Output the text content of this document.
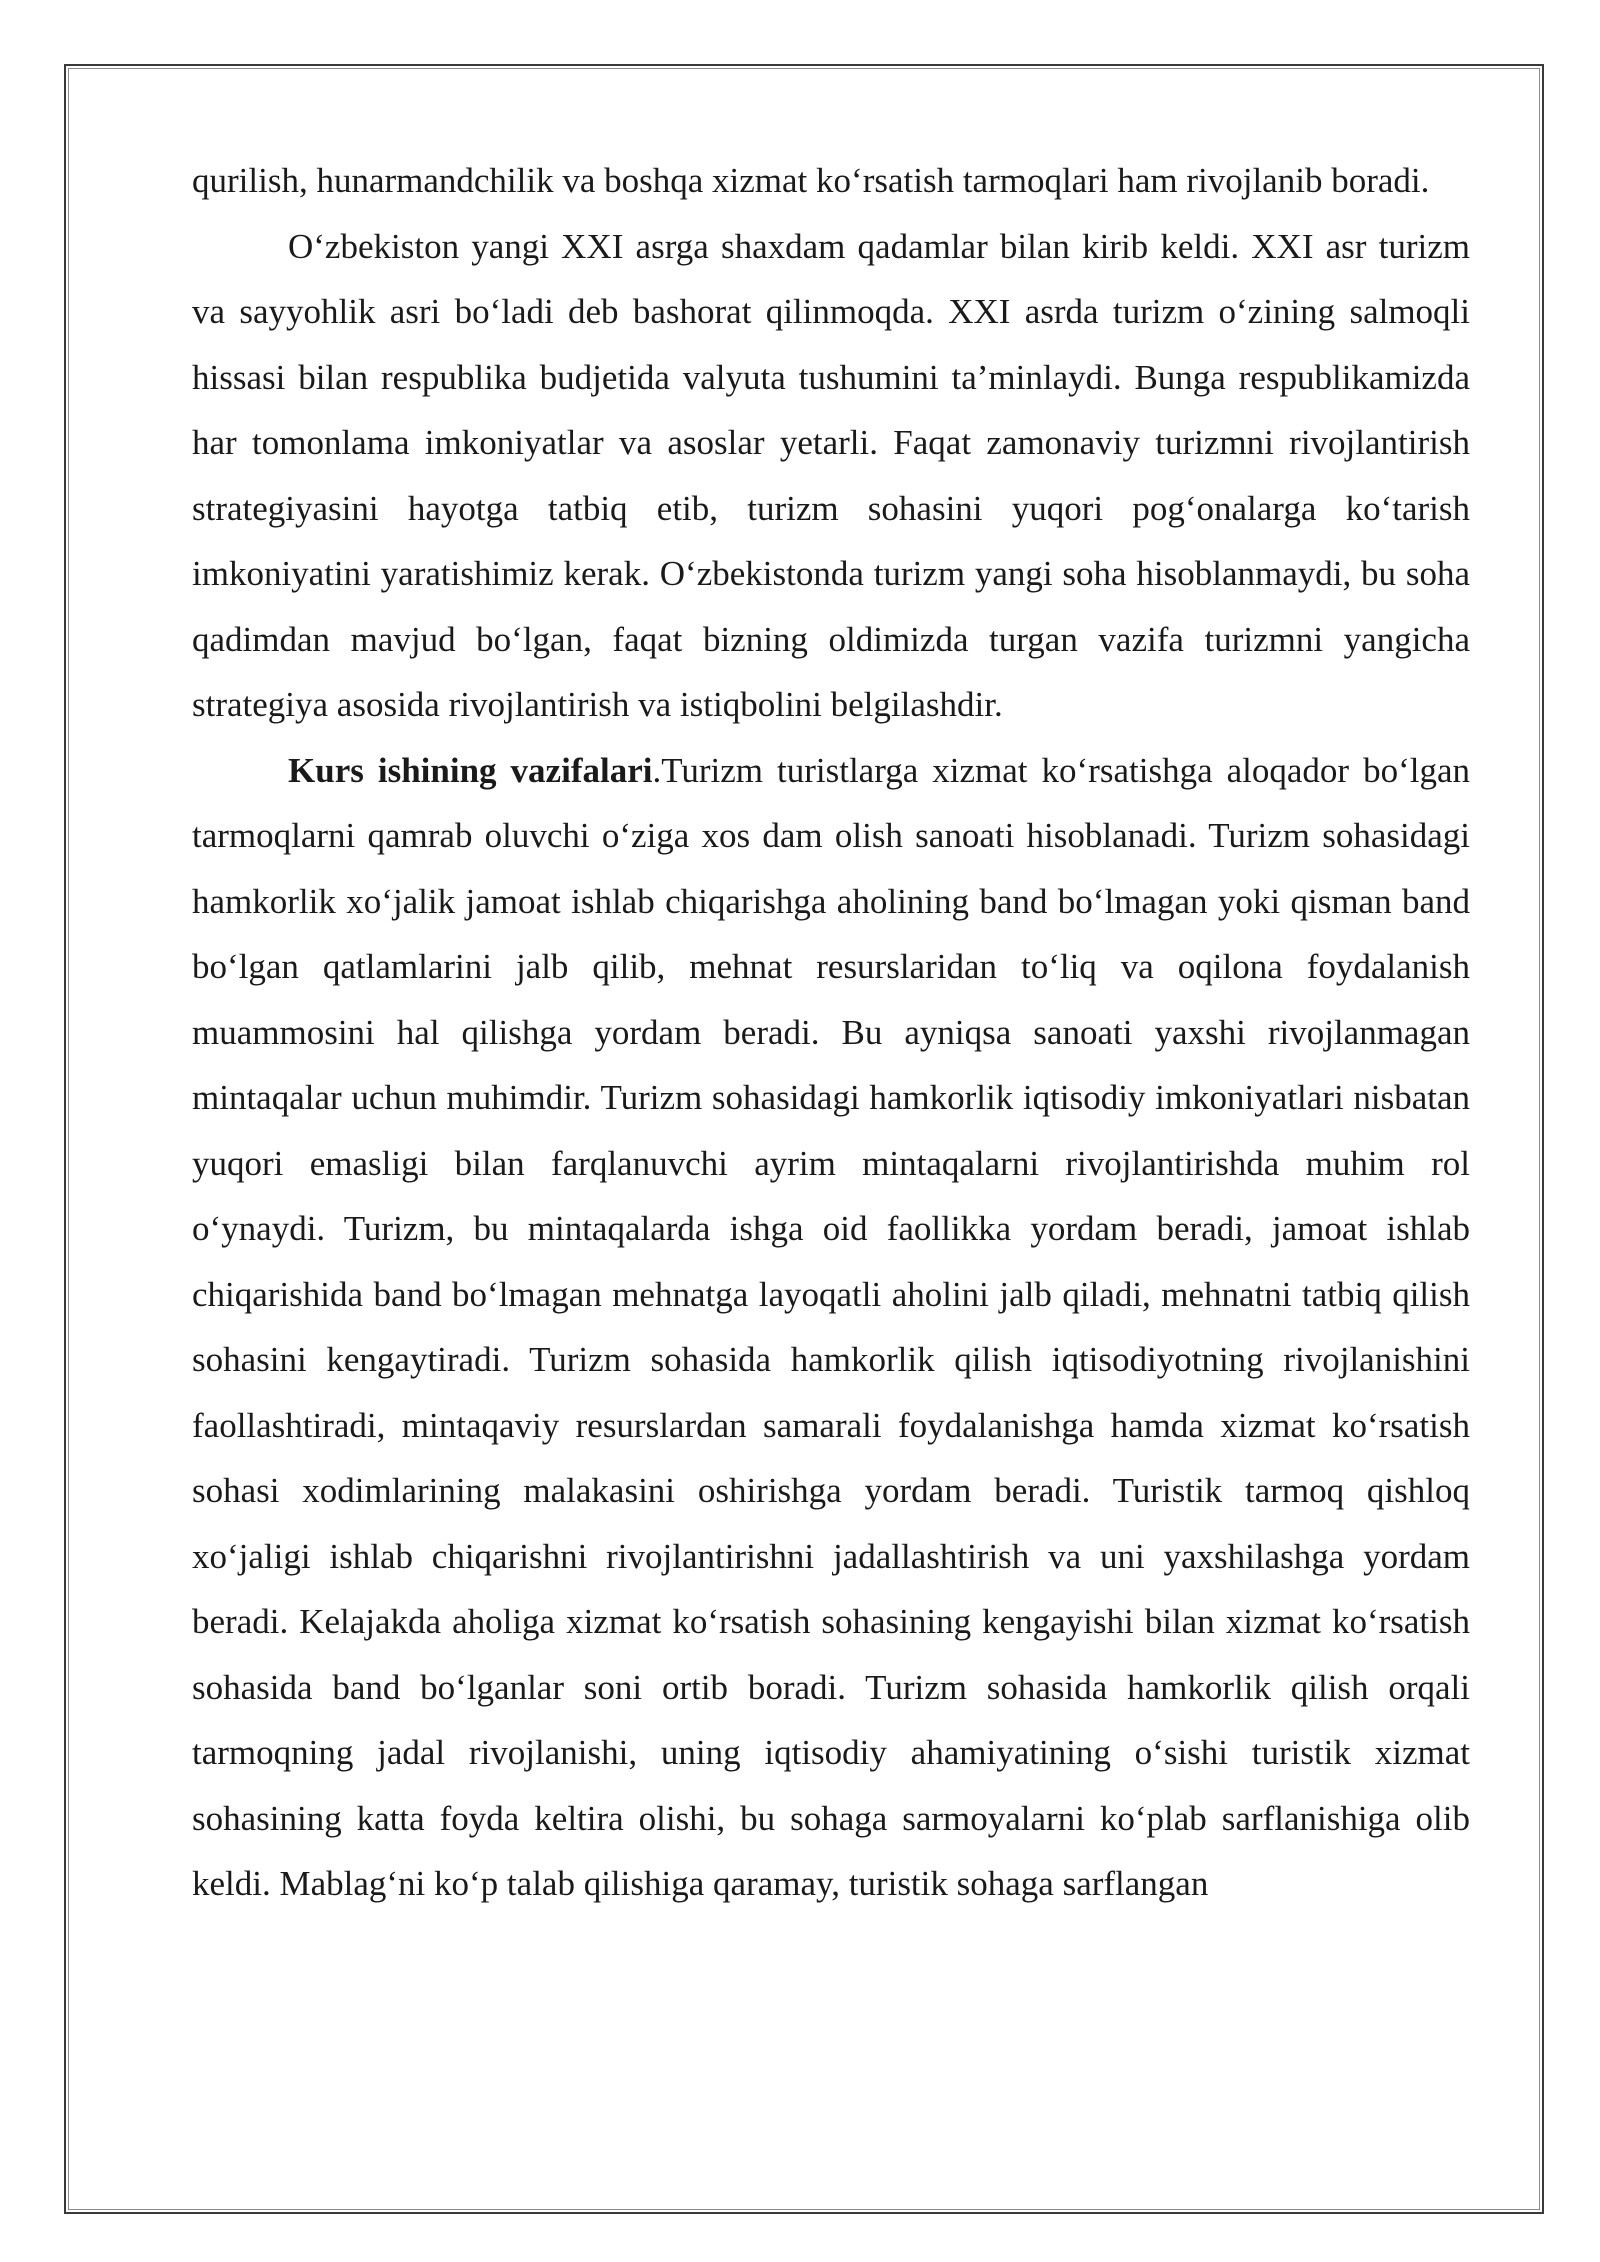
qurilish, hunarmandchilik va boshqa xizmat koʻrsatish tarmoqlari ham rivojlanib boradi.

Oʻzbekiston yangi XXI asrga shaxdam qadamlar bilan kirib keldi. XXI asr turizm va sayyohlik asri boʻladi deb bashorat qilinmoqda. XXI asrda turizm oʻzining salmoqli hissasi bilan respublika budjetida valyuta tushumini ta’minlaydi. Bunga respublikamizda har tomonlama imkoniyatlar va asoslar yetarli. Faqat zamonaviy turizmni rivojlantirish strategiyasini hayotga tatbiq etib, turizm sohasini yuqori pogʻonalarga koʻtarish imkoniyatini yaratishimiz kerak. Oʻzbekistonda turizm yangi soha hisoblanmaydi, bu soha qadimdan mavjud boʻlgan, faqat bizning oldimizda turgan vazifa turizmni yangicha strategiya asosida rivojlantirish va istiqbolini belgilashdir.

Kurs ishining vazifalari.Turizm turistlarga xizmat koʻrsatishga aloqador boʻlgan tarmoqlarni qamrab oluvchi oʻziga xos dam olish sanoati hisoblanadi. Turizm sohasidagi hamkorlik xoʻjalik jamoat ishlab chiqarishga aholining band boʻlmagan yoki qisman band boʻlgan qatlamlarini jalb qilib, mehnat resurslaridan toʻliq va oqilona foydalanish muammosini hal qilishga yordam beradi. Bu ayniqsa sanoati yaxshi rivojlanmagan mintaqalar uchun muhimdir. Turizm sohasidagi hamkorlik iqtisodiy imkoniyatlari nisbatan yuqori emasligi bilan farqlanuvchi ayrim mintaqalarni rivojlantirishda muhim rol oʻynaydi. Turizm, bu mintaqalarda ishga oid faollikka yordam beradi, jamoat ishlab chiqarishida band boʻlmagan mehnatga layoqatli aholini jalb qiladi, mehnatni tatbiq qilish sohasini kengaytiradi. Turizm sohasida hamkorlik qilish iqtisodiyotning rivojlanishini faollashtiradi, mintaqaviy resurslardan samarali foydalanishga hamda xizmat koʻrsatish sohasi xodimlarining malakasini oshirishga yordam beradi. Turistik tarmoq qishloq xoʻjaligi ishlab chiqarishni rivojlantirishni jadallashtirish va uni yaxshilashga yordam beradi. Kelajakda aholiga xizmat koʻrsatish sohasining kengayishi bilan xizmat koʻrsatish sohasida band boʻlganlar soni ortib boradi. Turizm sohasida hamkorlik qilish orqali tarmoqning jadal rivojlanishi, uning iqtisodiy ahamiyatining oʻsishi turistik xizmat sohasining katta foyda keltira olishi, bu sohaga sarmoyalarni koʻplab sarflanishiga olib keldi. Mablagʻni koʻp talab qilishiga qaramay, turistik sohaga sarflangan
